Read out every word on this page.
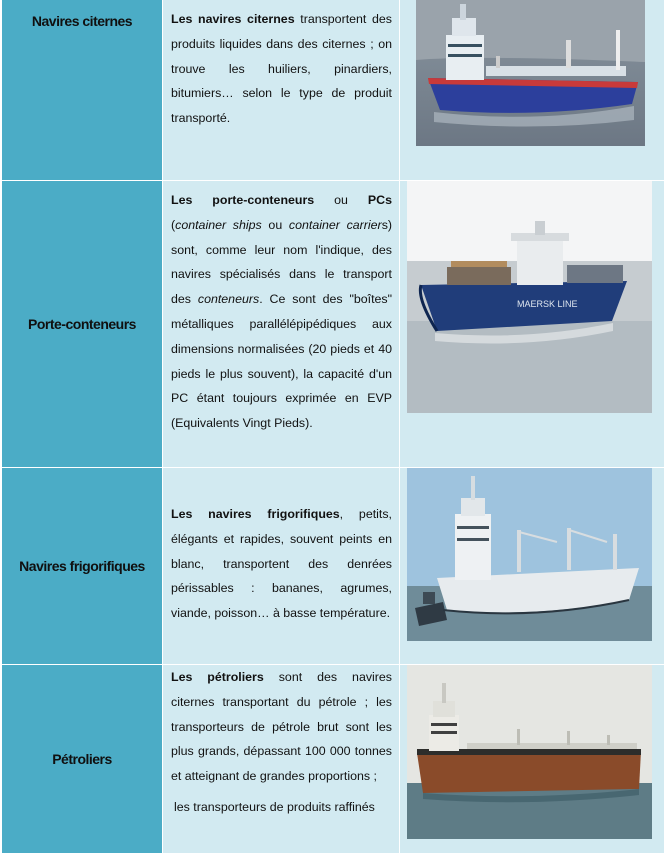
Navires citernes	Les navires citernes transportent des produits liquides dans des citernes ; on trouve les huiliers, pinardiers, bitumiers… selon le type de produit transporté.

Porte-conteneurs

Les porte-conteneurs ou PCs (container ships ou container carriers) sont, comme leur nom l'indique, des navires spécialisés dans le transport des conteneurs. Ce sont des "boîtes" métalliques parallélépipédiques aux dimensions normalisées (20 pieds et 40 pieds le plus souvent), la capacité d'un PC étant toujours exprimée en EVP (Equivalents Vingt Pieds).

MAERSK LINE
Navires frigorifiques

Les navires frigorifiques, petits, élégants et rapides, souvent peints en blanc, transportent des denrées périssables : bananes, agrumes, viande, poisson… à basse température.

Pétroliers

Les pétroliers sont des navires citernes transportant du pétrole ; les transporteurs de pétrole brut sont les plus grands, dépassant 100 000 tonnes et atteignant de grandes proportions ;

les transporteurs de produits raffinés
